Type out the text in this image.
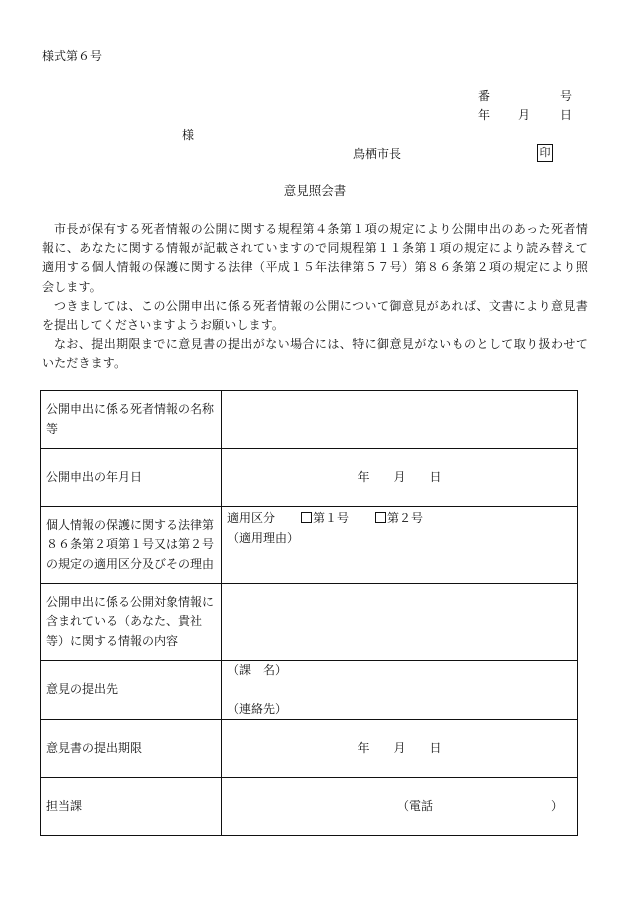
様式第６号
番	号
年 月 日
様
鳥栖市長	印
意見照会書

市長が保有する死者情報の公開に関する規程第４条第１項の規定により公開申出のあった死者情報に、あなたに関する情報が記載されていますので同規程第１１条第１項の規定により読み替えて適用する個人情報の保護に関する法律（平成１５年法律第５７号）第８６条第２項の規定により照会します。

つきましては、この公開申出に係る死者情報の公開について御意見があれば、文書により意見書を提出してくださいますようお願いします。

なお、提出期限までに意見書の提出がない場合には、特に御意見がないものとして取り扱わせていただきます。

公開申出に係る死者情報の名称等	
公開申出の年月日	年　　月　　日
個人情報の保護に関する法律第８６条第２項第１号又は第２号の規定の適用区分及びその理由	適用区分 第１号 第２号
（適用理由）

公開申出に係る公開対象情報に含まれている（あなた、貴社等）に関する情報の内容	
意見の提出先	（課　名）
（連絡先）

意見書の提出期限	年　　月　　日
担当課	（電話 ）
